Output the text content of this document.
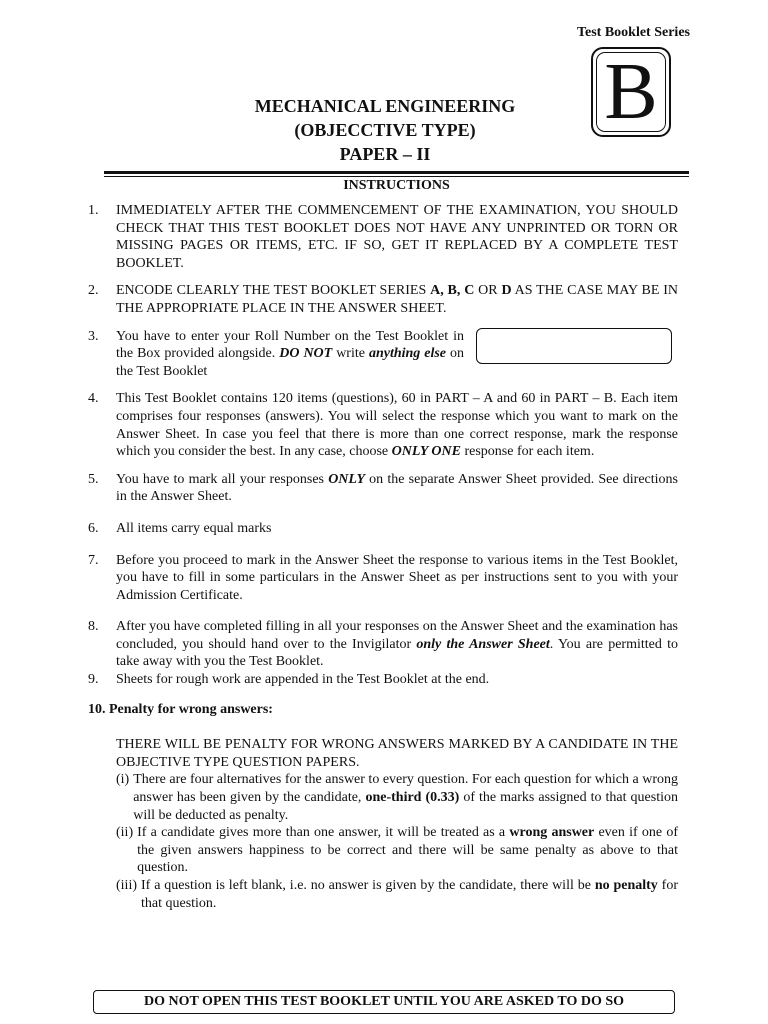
Test Booklet Series
B
MECHANICAL ENGINEERING
(OBJECCTIVE TYPE)
PAPER – II
INSTRUCTIONS
1.	IMMEDIATELY AFTER THE COMMENCEMENT OF THE EXAMINATION, YOU SHOULD CHECK THAT THIS TEST BOOKLET DOES NOT HAVE ANY UNPRINTED OR TORN OR MISSING PAGES OR ITEMS, ETC. IF SO, GET IT REPLACED BY A COMPLETE TEST BOOKLET.
2.	ENCODE CLEARLY THE TEST BOOKLET SERIES A, B, C OR D AS THE CASE MAY BE IN THE APPROPRIATE PLACE IN THE ANSWER SHEET.
3.	You have to enter your Roll Number on the Test Booklet in the Box provided alongside. DO NOT write anything else on the Test Booklet
4.	This Test Booklet contains 120 items (questions), 60 in PART – A and 60 in PART – B. Each item comprises four responses (answers). You will select the response which you want to mark on the Answer Sheet. In case you feel that there is more than one correct response, mark the response which you consider the best. In any case, choose ONLY ONE response for each item.
5.	You have to mark all your responses ONLY on the separate Answer Sheet provided. See directions in the Answer Sheet.
6.	All items carry equal marks
7.	Before you proceed to mark in the Answer Sheet the response to various items in the Test Booklet, you have to fill in some particulars in the Answer Sheet as per instructions sent to you with your Admission Certificate.
8.	After you have completed filling in all your responses on the Answer Sheet and the examination has concluded, you should hand over to the Invigilator only the Answer Sheet. You are permitted to take away with you the Test Booklet.
9.	Sheets for rough work are appended in the Test Booklet at the end.
10. Penalty for wrong answers:
THERE WILL BE PENALTY FOR WRONG ANSWERS MARKED BY A CANDIDATE IN THE OBJECTIVE TYPE QUESTION PAPERS.
(i) There are four alternatives for the answer to every question. For each question for which a wrong answer has been given by the candidate, one-third (0.33) of the marks assigned to that question will be deducted as penalty.
(ii) If a candidate gives more than one answer, it will be treated as a wrong answer even if one of the given answers happiness to be correct and there will be same penalty as above to that question.
(iii) If a question is left blank, i.e. no answer is given by the candidate, there will be no penalty for that question.
DO NOT OPEN THIS TEST BOOKLET UNTIL YOU ARE ASKED TO DO SO
